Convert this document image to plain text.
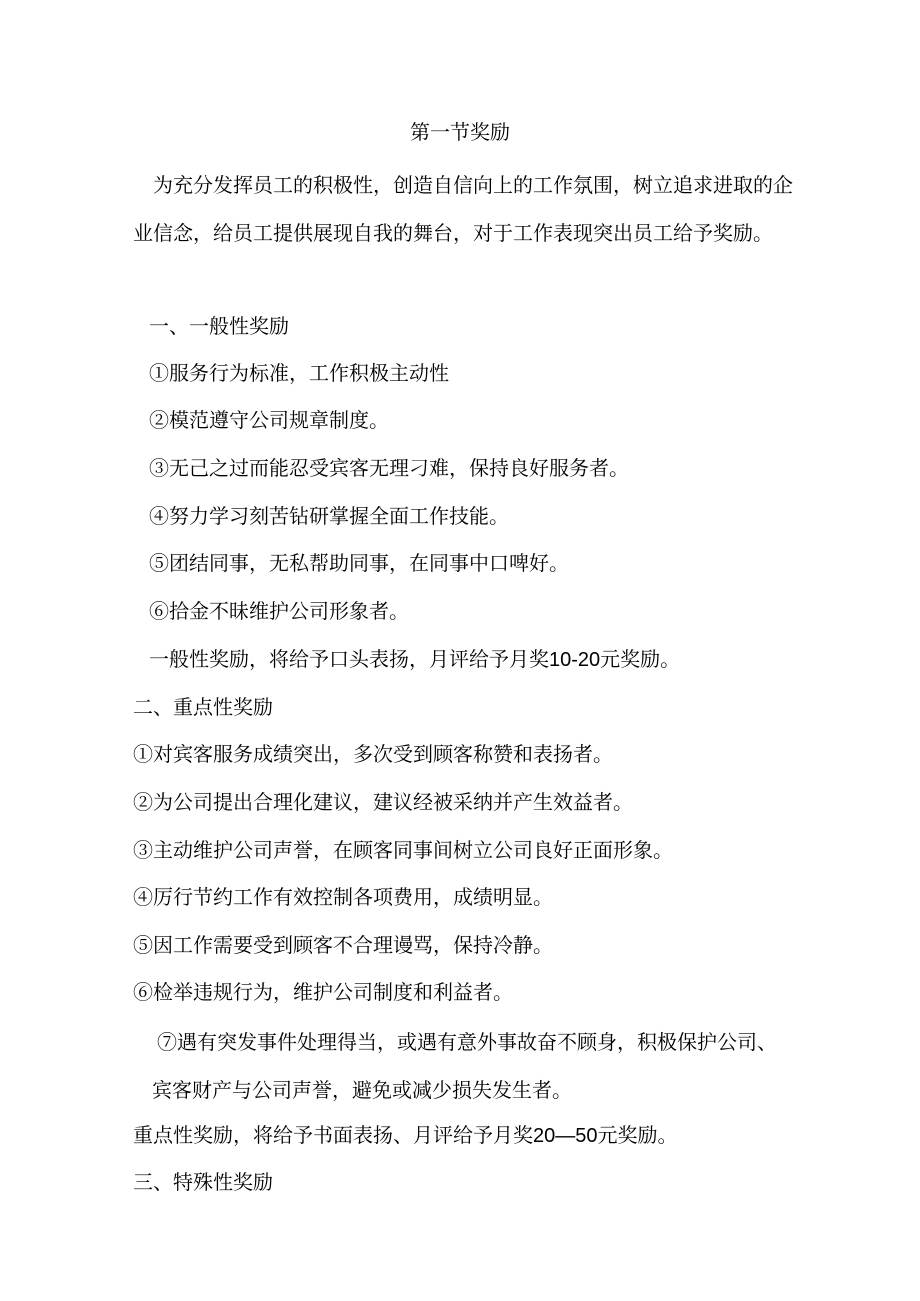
第一节奖励
为充分发挥员工的积极性，创造自信向上的工作氛围，树立追求进取的企业信念，给员工提供展现自我的舞台，对于工作表现突出员工给予奖励。
一、一般性奖励
①服务行为标准，工作积极主动性
②模范遵守公司规章制度。
③无己之过而能忍受宾客无理刁难，保持良好服务者。
④努力学习刻苦钻研掌握全面工作技能。
⑤团结同事，无私帮助同事，在同事中口啤好。
⑥拾金不昧维护公司形象者。
一般性奖励，将给予口头表扬，月评给予月奖10-20元奖励。
二、重点性奖励
①对宾客服务成绩突出，多次受到顾客称赞和表扬者。
②为公司提出合理化建议，建议经被采纳并产生效益者。
③主动维护公司声誉，在顾客同事间树立公司良好正面形象。
④厉行节约工作有效控制各项费用，成绩明显。
⑤因工作需要受到顾客不合理谩骂，保持冷静。
⑥检举违规行为，维护公司制度和利益者。
⑦遇有突发事件处理得当，或遇有意外事故奋不顾身，积极保护公司、宾客财产与公司声誉，避免或减少损失发生者。
重点性奖励，将给予书面表扬、月评给予月奖20—50元奖励。
三、特殊性奖励
